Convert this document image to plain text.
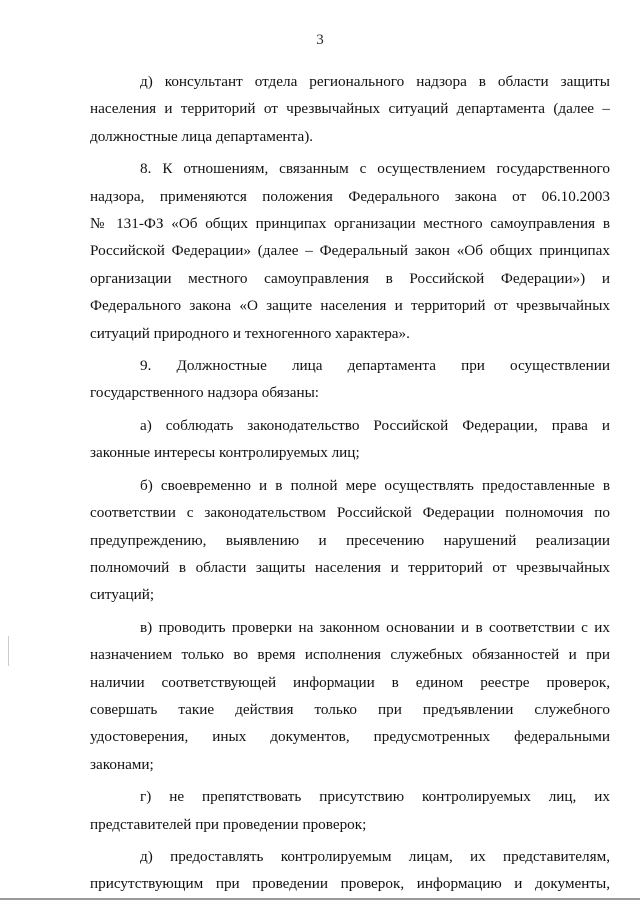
3

д) консультант отдела регионального надзора в области защиты
населения и территорий от чрезвычайных ситуаций департамента (далее –
должностные лица департамента).

8. К отношениям, связанным с осуществлением государственного
надзора, применяются положения Федерального закона от 06.10.2003
№ 131-ФЗ «Об общих принципах организации местного самоуправления в
Российской Федерации» (далее – Федеральный закон «Об общих принципах
организации местного самоуправления в Российской Федерации») и
Федерального закона «О защите населения и территорий от чрезвычайных
ситуаций природного и техногенного характера».

9. Должностные лица департамента при осуществлении
государственного надзора обязаны:

а) соблюдать законодательство Российской Федерации, права и
законные интересы контролируемых лиц;

б) своевременно и в полной мере осуществлять предоставленные в
соответствии с законодательством Российской Федерации полномочия по
предупреждению, выявлению и пресечению нарушений реализации
полномочий в области защиты населения и территорий от чрезвычайных
ситуаций;

в) проводить проверки на законном основании и в соответствии с их
назначением только во время исполнения служебных обязанностей и при
наличии соответствующей информации в едином реестре проверок,
совершать такие действия только при предъявлении служебного
удостоверения, иных документов, предусмотренных федеральными
законами;

г) не препятствовать присутствию контролируемых лиц, их
представителей при проведении проверок;

д) предоставлять контролируемым лицам, их представителям,
присутствующим при проведении проверок, информацию и документы,
